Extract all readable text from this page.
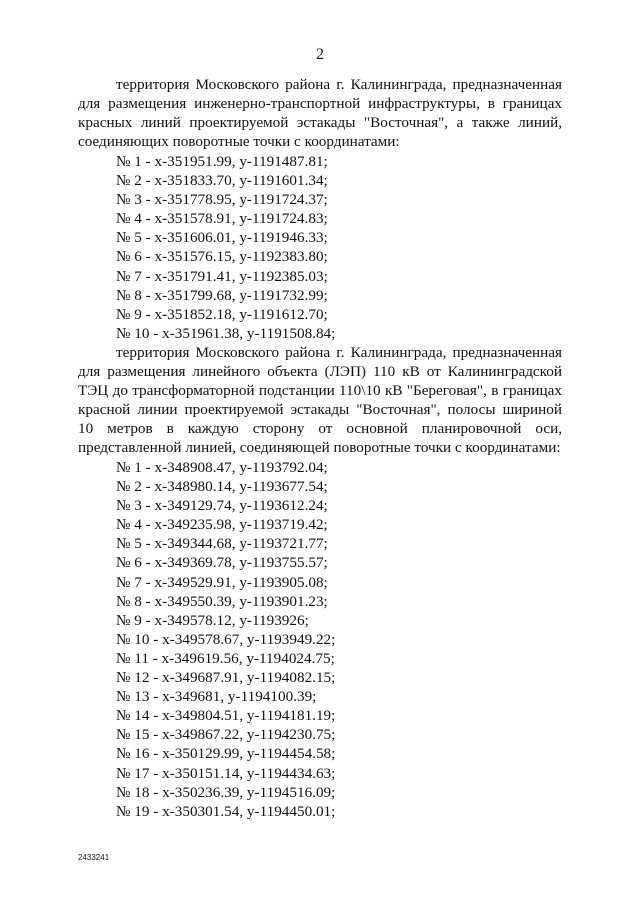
2
территория Московского района г. Калининграда, предназначенная
для размещения инженерно-транспортной инфраструктуры, в границах
красных линий проектируемой эстакады "Восточная", а также линий,
соединяющих поворотные точки с координатами:
№ 1 - х-351951.99, у-1191487.81;
№ 2 - х-351833.70, у-1191601.34;
№ 3 - х-351778.95, у-1191724.37;
№ 4 - х-351578.91, у-1191724.83;
№ 5 - х-351606.01, у-1191946.33;
№ 6 - х-351576.15, у-1192383.80;
№ 7 - х-351791.41, у-1192385.03;
№ 8 - х-351799.68, у-1191732.99;
№ 9 - х-351852.18, у-1191612.70;
№ 10 - х-351961.38, у-1191508.84;
территория Московского района г. Калининграда, предназначенная
для размещения линейного объекта (ЛЭП) 110 кВ от Калининградской
ТЭЦ до трансформаторной подстанции 110\10 кВ "Береговая", в границах
красной линии проектируемой эстакады "Восточная", полосы шириной
10 метров в каждую сторону от основной планировочной оси,
представленной линией, соединяющей поворотные точки с координатами:
№ 1 - х-348908.47, у-1193792.04;
№ 2 - х-348980.14, у-1193677.54;
№ 3 - х-349129.74, у-1193612.24;
№ 4 - х-349235.98, у-1193719.42;
№ 5 - х-349344.68, у-1193721.77;
№ 6 - х-349369.78, у-1193755.57;
№ 7 - х-349529.91, у-1193905.08;
№ 8 - х-349550.39, у-1193901.23;
№ 9 - х-349578.12, у-1193926;
№ 10 - х-349578.67, у-1193949.22;
№ 11 - х-349619.56, у-1194024.75;
№ 12 - х-349687.91, у-1194082.15;
№ 13 - х-349681, у-1194100.39;
№ 14 - х-349804.51, у-1194181.19;
№ 15 - х-349867.22, у-1194230.75;
№ 16 - х-350129.99, у-1194454.58;
№ 17 - х-350151.14, у-1194434.63;
№ 18 - х-350236.39, у-1194516.09;
№ 19 - х-350301.54, у-1194450.01;
2433241
